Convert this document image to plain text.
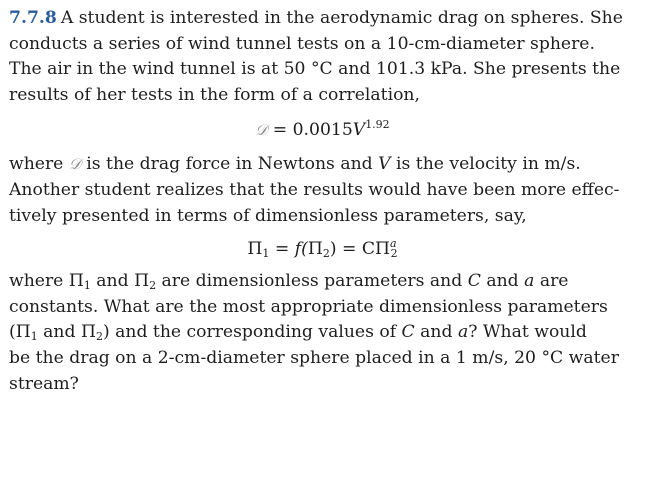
7.7.8 A student is interested in the aerodynamic drag on spheres. She
conducts a series of wind tunnel tests on a 10-cm-diameter sphere.
The air in the wind tunnel is at 50 °C and 101.3 kPa. She presents the
results of her tests in the form of a correlation,

𝒟 = $0.0015V^{1.92}$

where 𝒟 is the drag force in Newtons and V is the velocity in m/s.
Another student realizes that the results would have been more effec-
tively presented in terms of dimensionless parameters, say,

$\Pi_1 = f(\Pi_2) = C\Pi^a_2$

where $\Pi_1$ and $\Pi_2$ are dimensionless parameters and C and a are
constants. What are the most appropriate dimensionless parameters
($\Pi_1$ and $\Pi_2$) and the corresponding values of C and a? What would
be the drag on a 2-cm-diameter sphere placed in a 1 m/s, 20 °C water
stream?
